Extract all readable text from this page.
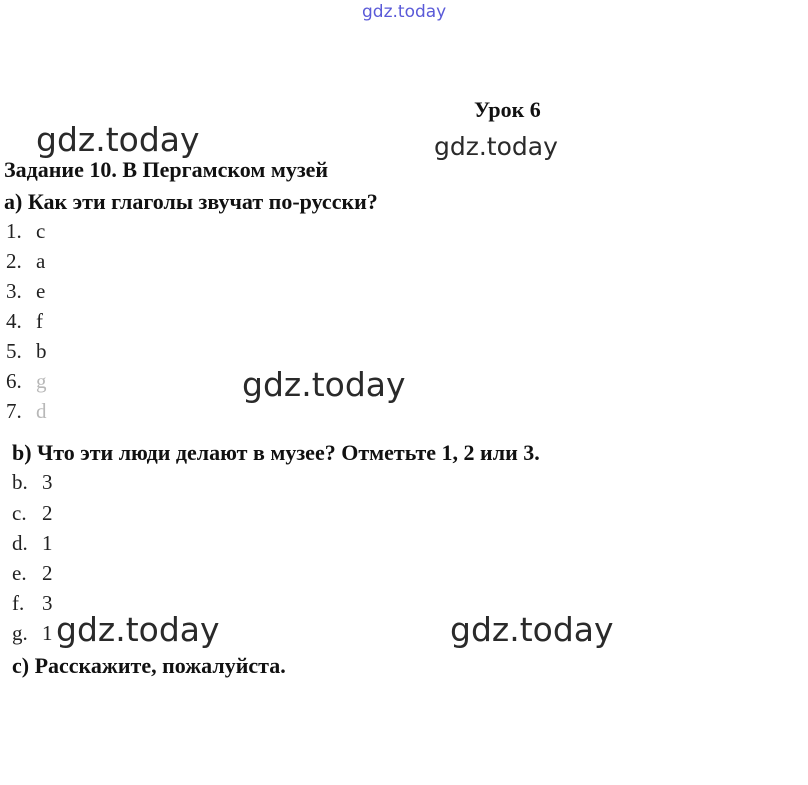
gdz.today
Урок 6
gdz.today	gdz.today
Задание 10. В Пергамском музей
a) Как эти глаголы звучат по-русски?
1. c
2. a
3. e
4. f
5. b
6. g
7. d
gdz.today
b) Что эти люди делают в музее? Отметьте 1, 2 или 3.
b. 3
c. 2
d. 1
e. 2
f. 3
g. 1 gdz.today	gdz.today
c) Расскажите, пожалуйста.
